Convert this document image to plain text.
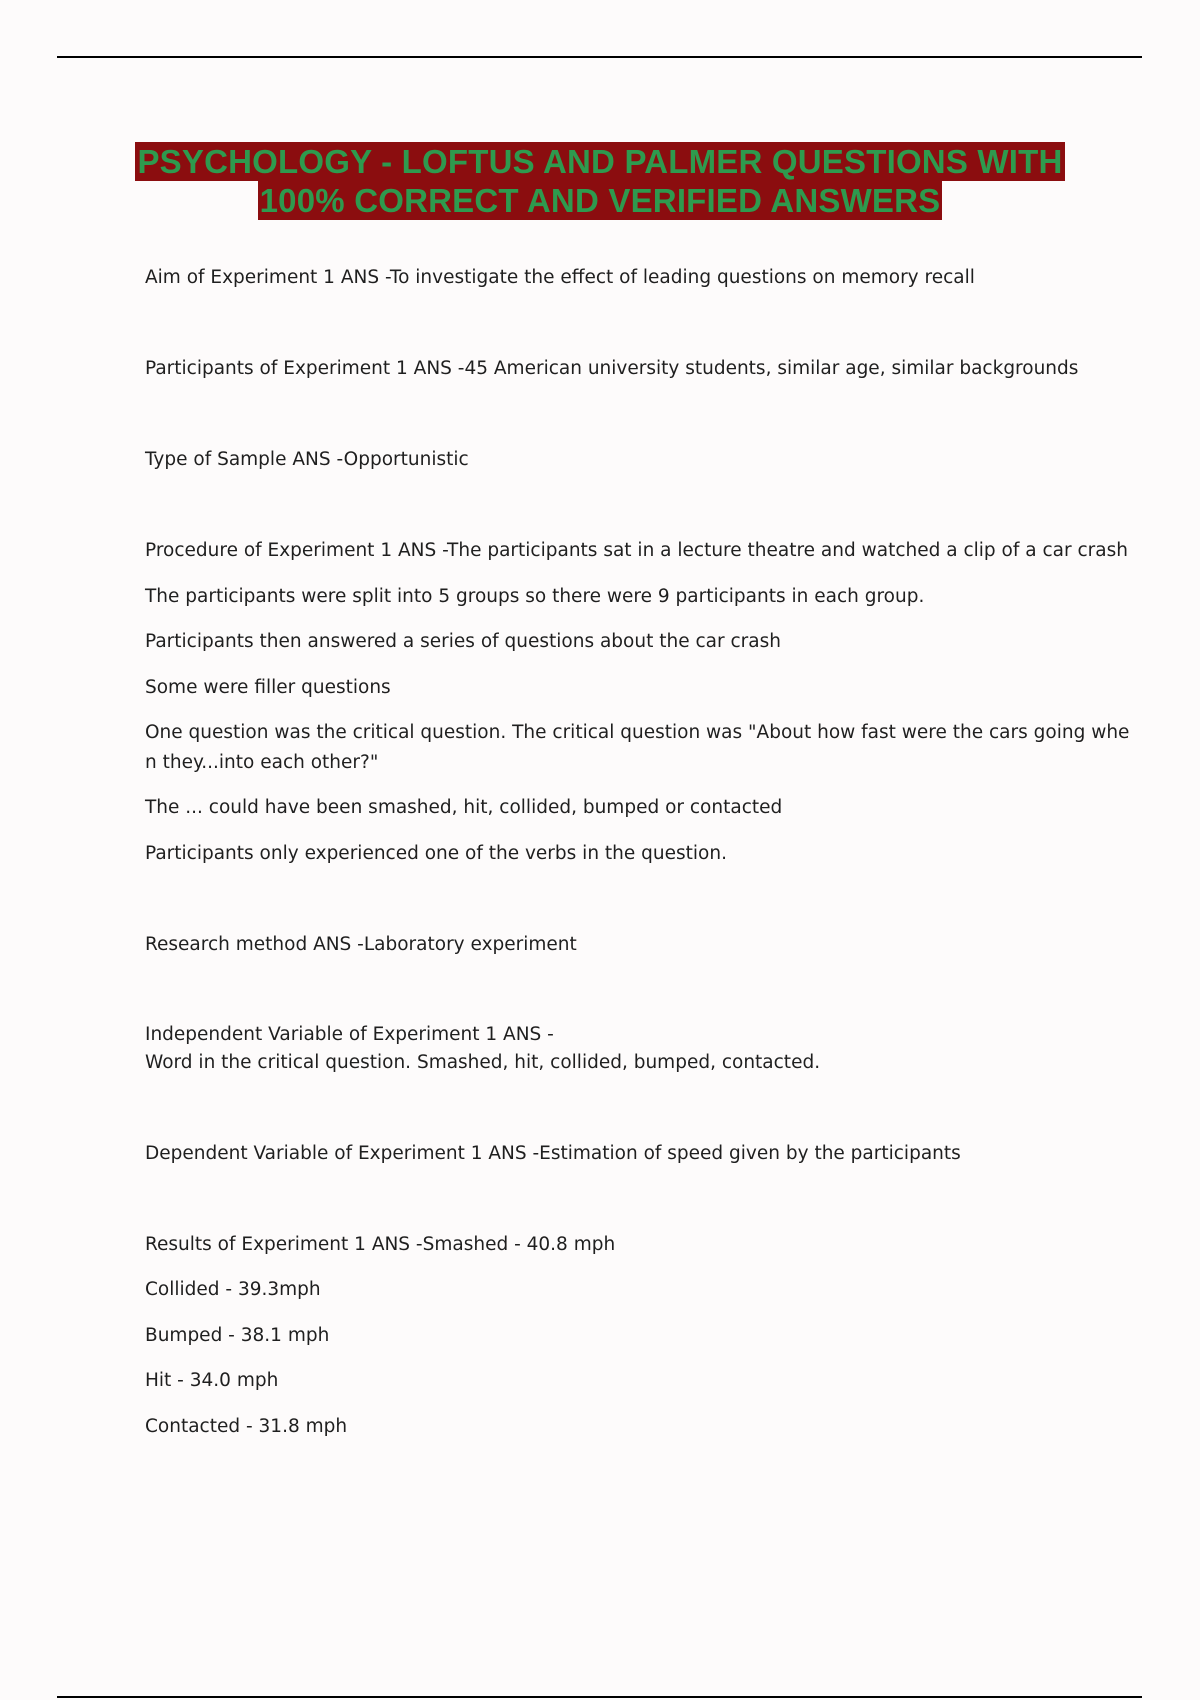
PSYCHOLOGY - LOFTUS AND PALMER QUESTIONS WITH
100% CORRECT AND VERIFIED ANSWERS
Aim of Experiment 1 ANS -To investigate the effect of leading questions on memory recall
Participants of Experiment 1 ANS -45 American university students, similar age, similar backgrounds
Type of Sample ANS -Opportunistic
Procedure of Experiment 1 ANS -The participants sat in a lecture theatre and watched a clip of a car crash
The participants were split into 5 groups so there were 9 participants in each group.
Participants then answered a series of questions about the car crash
Some were filler questions
One question was the critical question. The critical question was "About how fast were the cars going whe
n they...into each other?"
The ... could have been smashed, hit, collided, bumped or contacted
Participants only experienced one of the verbs in the question.
Research method ANS -Laboratory experiment
Independent Variable of Experiment 1 ANS -
Word in the critical question. Smashed, hit, collided, bumped, contacted.
Dependent Variable of Experiment 1 ANS -Estimation of speed given by the participants
Results of Experiment 1 ANS -Smashed - 40.8 mph
Collided - 39.3mph
Bumped - 38.1 mph
Hit - 34.0 mph
Contacted - 31.8 mph
